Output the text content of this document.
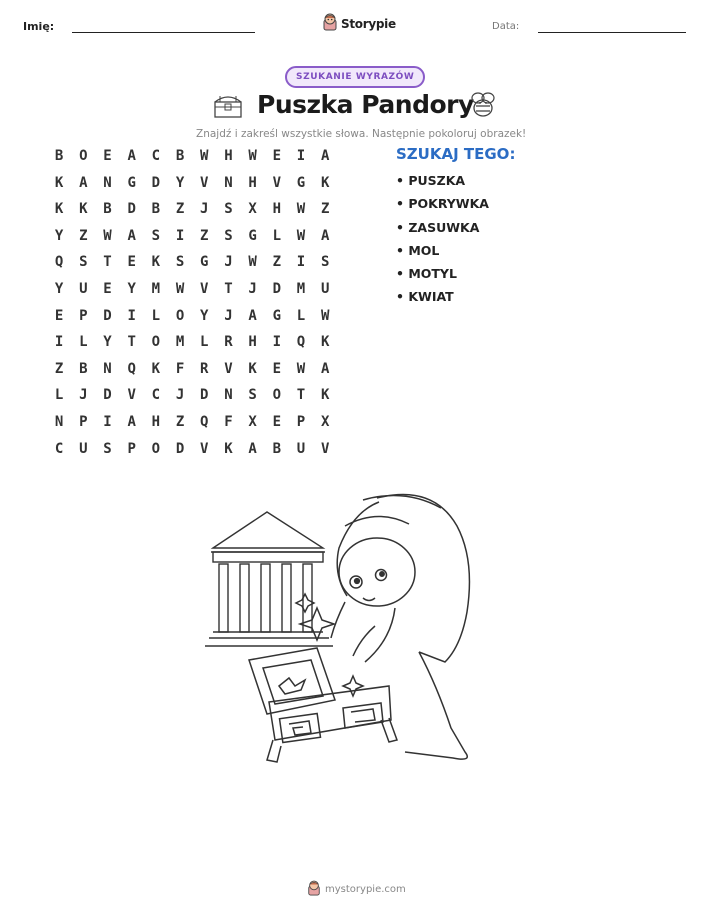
Imię:	Storypie	Data:
SZUKANIE WYRAZÓW
Puszka Pandory
Znajdź i zakreśl wszystkie słowa. Następnie pokoloruj obrazek!
B	O	E	A	C	B	W	H	W	E	I	A
K	A	N	G	D	Y	V	N	H	V	G	K
K	K	B	D	B	Z	J	S	X	H	W	Z
Y	Z	W	A	S	I	Z	S	G	L	W	A
Q	S	T	E	K	S	G	J	W	Z	I	S
Y	U	E	Y	M	W	V	T	J	D	M	U
E	P	D	I	L	O	Y	J	A	G	L	W
I	L	Y	T	O	M	L	R	H	I	Q	K
Z	B	N	Q	K	F	R	V	K	E	W	A
L	J	D	V	C	J	D	N	S	O	T	K
N	P	I	A	H	Z	Q	F	X	E	P	X
C	U	S	P	O	D	V	K	A	B	U	V
SZUKAJ TEGO:
• PUSZKA
• POKRYWKA
• ZASUWKA
• MOL
• MOTYL
• KWIAT
mystorypie.com
